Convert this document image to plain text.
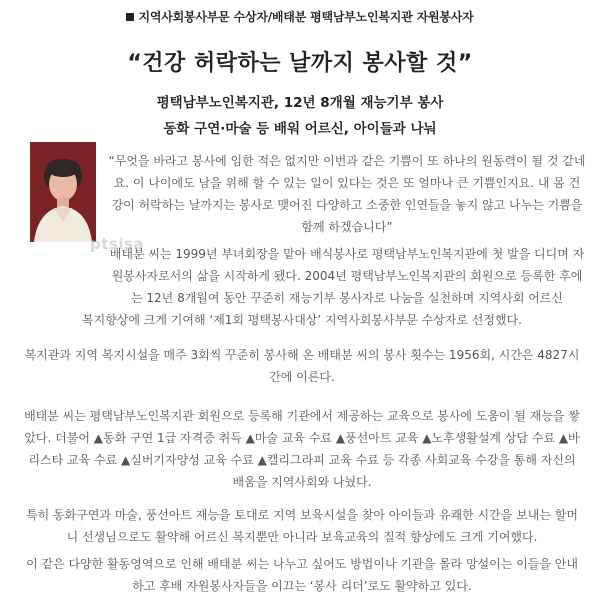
지역사회봉사부문 수상자/배태분 평택남부노인복지관 자원봉사자
“건강 허락하는 날까지 봉사할 것”
평택남부노인복지관, 12년 8개월 재능기부 봉사
동화 구연·마술 등 배워 어르신, 아이들과 나눠
ptsisa
“무엇을 바라고 봉사에 임한 적은 없지만 이번과 같은 기쁨이 또 하나의 원동력이 될 것 같네요. 이 나이에도 남을 위해 할 수 있는 일이 있다는 것은 또 얼마나 큰 기쁨인지요. 내 몸 건강이 허락하는 날까지는 봉사로 맺어진 다양하고 소중한 인연들을 놓지 않고 나누는 기쁨을 함께 하겠습니다”
배태분 씨는 1999년 부녀회장을 맡아 배식봉사로 평택남부노인복지관에 첫 발을 디디며 자원봉사자로서의 삶을 시작하게 됐다. 2004년 평택남부노인복지관의 회원으로 등록한 후에는 12년 8개월여 동안 꾸준히 재능기부 봉사자로 나눔을 실천하며 지역사회 어르신
복지향상에 크게 기여해 ‘제1회 평택봉사대상’ 지역사회봉사부문 수상자로 선정했다.
복지관과 지역 복지시설을 매주 3회씩 꾸준히 봉사해 온 배태분 씨의 봉사 횟수는 1956회, 시간은 4827시간에 이른다.
배태분 씨는 평택남부노인복지관 회원으로 등록해 기관에서 제공하는 교육으로 봉사에 도움이 될 재능을 쌓았다. 더불어 ▲동화 구연 1급 자격증 취득 ▲마술 교육 수료 ▲풍선아트 교육 ▲노후생활설계 상담 수료 ▲바리스타 교육 수료 ▲실버기자양성 교육 수료 ▲캘리그라피 교육 수료 등 각종 사회교육 수강을 통해 자신의 배움을 지역사회와 나눴다.
특히 동화구연과 마술, 풍선아트 재능을 토대로 지역 보육시설을 찾아 아이들과 유쾌한 시간을 보내는 할머니 선생님으로도 활약해 어르신 복지뿐만 아니라 보육교육의 질적 향상에도 크게 기여했다.
이 같은 다양한 활동영역으로 인해 배태분 씨는 나누고 싶어도 방법이나 기관을 몰라 망설이는 이들을 안내하고 후배 자원봉사자들을 이끄는 ‘봉사 리더’로도 활약하고 있다.
